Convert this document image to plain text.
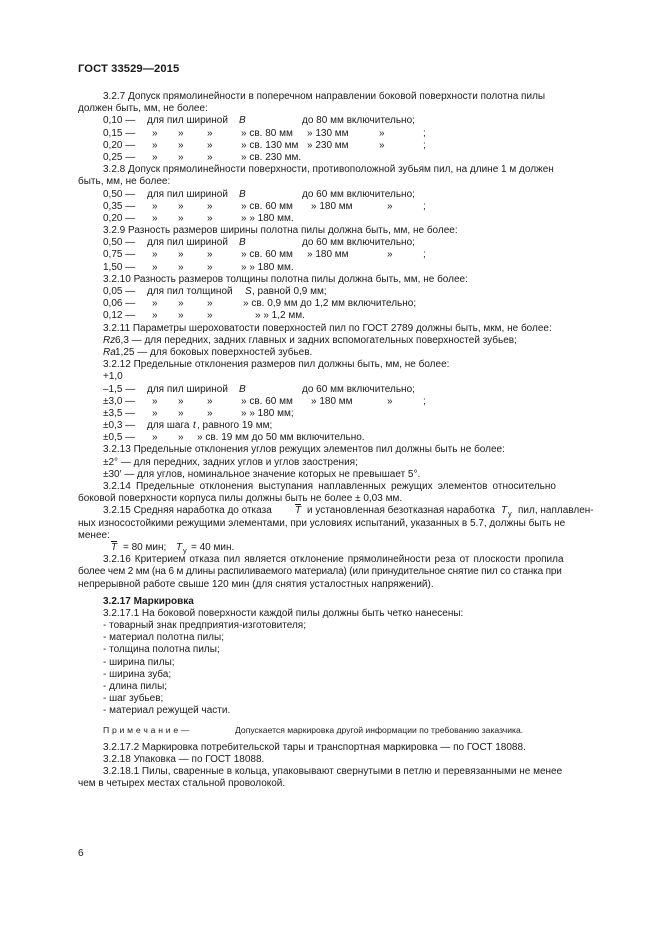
ГОСТ 33529—2015
3.2.7 Допуск прямолинейности в поперечном направлении боковой поверхности полотна пилы
должен быть, мм, не более:
0,10 — для пил шириной B	до 80 мм включительно;
0,15 — » » »	» св. 80 мм » 130 мм	»	;
0,20 — » » »	» св. 130 мм » 230 мм	»	;
0,25 — » » »	» св. 230 мм.
3.2.8 Допуск прямолинейности поверхности, противоположной зубьям пил, на длине 1 м должен
быть, мм, не более:
0,50 — для пил шириной B	до 60 мм включительно;
0,35 — » » »	» св. 60 мм » 180 мм	»	;
0,20 — » » »	» » 180 мм.
3.2.9 Разность размеров ширины полотна пилы должна быть, мм, не более:
0,50 — для пил шириной B	до 60 мм включительно;
0,75 — » » »	» св. 60 мм » 180 мм	»	;
1,50 — » » »	» » 180 мм.
3.2.10 Разность размеров толщины полотна пилы должна быть, мм, не более:
0,05 — для пил толщиной S , равной 0,9 мм;
0,06 — » » »	» св. 0,9 мм до 1,2 мм включительно;
0,12 — » » »	» » 1,2 мм.
3.2.11 Параметры шероховатости поверхностей пил по ГОСТ 2789 должны быть, мкм, не более:
Rz 6,3 — для передних, задних главных и задних вспомогательных поверхностей зубьев;
Ra 1,25 — для боковых поверхностей зубьев.
3.2.12 Предельные отклонения размеров пил должны быть, мм, не более:
+1,0
–1,5 — для пил шириной B	до 60 мм включительно;
±3,0 — » » »	» св. 60 мм » 180 мм	»	;
±3,5 — » » »	» » 180 мм;
±0,3 — для шага t , равного 19 мм;
±0,5 — » » » св. 19 мм до 50 мм включительно.
3.2.13 Предельные отклонения углов режущих элементов пил должны быть не более:
±2° — для передних, задних углов и углов заострения;
±30′ — для углов, номинальное значение которых не превышает 5°.
3.2.14 Предельные отклонения выступания наплавленных режущих элементов относительно
боковой поверхности корпуса пилы должны быть не более ± 0,03 мм.
3.2.15 Средняя наработка до отказа $\overline{T}$ и установленная безотказная наработка T у пил, наплавлен-
ных износостойкими режущими элементами, при условиях испытаний, указанных в 5.7, должны быть не
менее:
$\overline{T} = 80$ мин; T у = 40 мин.
3.2.16 Критерием отказа пил является отклонение прямолинейности реза от плоскости пропила
более чем 2 мм (на 6 м длины распиливаемого материала) (или принудительное снятие пил со станка при
непрерывной работе свыше 120 мин (для снятия усталостных напряжений).
3.2.17 Маркировка
3.2.17.1 На боковой поверхности каждой пилы должны быть четко нанесены:
- товарный знак предприятия-изготовителя;
- материал полотна пилы;
- толщина полотна пилы;
- ширина пилы;
- ширина зуба;
- длина пилы;
- шаг зубьев;
- материал режущей части.
П р и м е ч а н и е —	Допускается маркировка другой информации по требованию заказчика.
3.2.17.2 Маркировка потребительской тары и транспортная маркировка — по ГОСТ 18088.
3.2.18 Упаковка — по ГОСТ 18088.
3.2.18.1 Пилы, сваренные в кольца, упаковывают свернутыми в петлю и перевязанными не менее
чем в четырех местах стальной проволокой.
6
